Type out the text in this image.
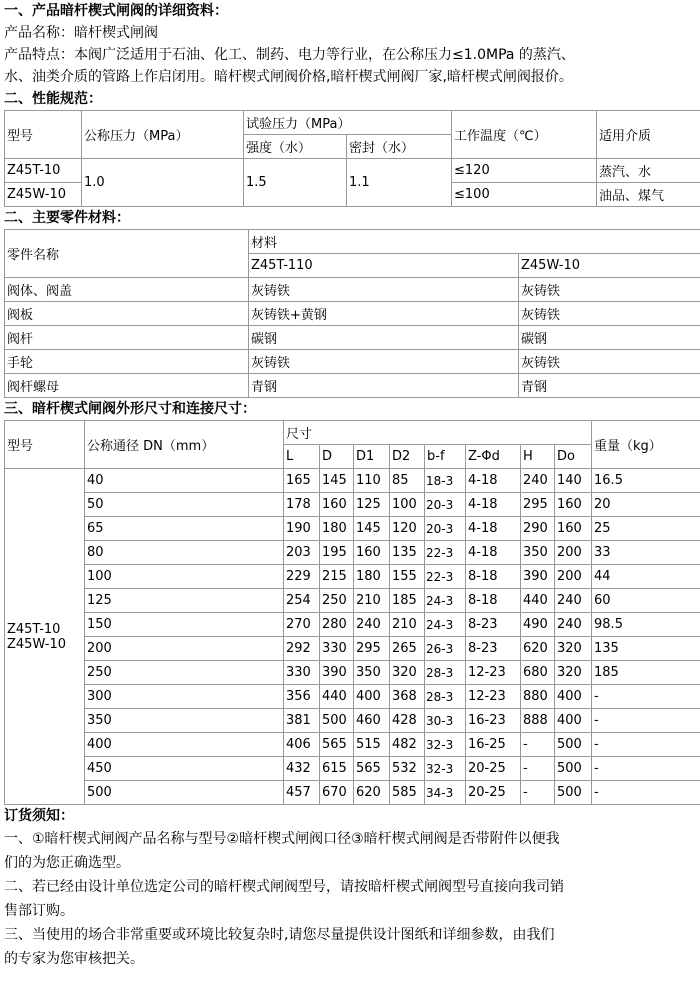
一、产品暗杆楔式闸阀的详细资料：

产品名称：暗杆楔式闸阀

产品特点：本阀广泛适用于石油、化工、制药、电力等行业，在公称压力≤1.0MPa 的蒸汽、

水、油类介质的管路上作启闭用。暗杆楔式闸阀价格,暗杆楔式闸阀厂家,暗杆楔式闸阀报价。

二、性能规范：

型号	公称压力（MPa）	试验压力（MPa）		工作温度（℃）	适用介质
		强度（水）	密封（水）		
Z45T-10	1.0	1.5	1.1	≤120	蒸汽、水
Z45W-10				≤100	油品、煤气

二、主要零件材料：

零件名称	材料	
	Z45T-110	Z45W-10
阀体、阀盖	灰铸铁	灰铸铁
阀板	灰铸铁+黄钢	灰铸铁
阀杆	碳钢	碳钢
手轮	灰铸铁	灰铸铁
阀杆螺母	青钢	青钢

三、暗杆楔式闸阀外形尺寸和连接尺寸：

型号	公称通径 DN（mm）	尺寸								重量（kg）
		L	D	D1	D2	b-f	Z-Φd	H	Do	

Z45T-10
Z45W-10	40	165	145	110	85	18-3	4-18	240	140	16.5
	50	178	160	125	100	20-3	4-18	295	160	20
	65	190	180	145	120	20-3	4-18	290	160	25
	80	203	195	160	135	22-3	4-18	350	200	33
	100	229	215	180	155	22-3	8-18	390	200	44
	125	254	250	210	185	24-3	8-18	440	240	60
	150	270	280	240	210	24-3	8-23	490	240	98.5
	200	292	330	295	265	26-3	8-23	620	320	135
	250	330	390	350	320	28-3	12-23	680	320	185
	300	356	440	400	368	28-3	12-23	880	400	-
	350	381	500	460	428	30-3	16-23	888	400	-
	400	406	565	515	482	32-3	16-25	-	500	-
	450	432	615	565	532	32-3	20-25	-	500	-
	500	457	670	620	585	34-3	20-25	-	500	-

订货须知：

一、①暗杆楔式闸阀产品名称与型号②暗杆楔式闸阀口径③暗杆楔式闸阀是否带附件以便我

们的为您正确选型。

二、若已经由设计单位选定公司的暗杆楔式闸阀型号，请按暗杆楔式闸阀型号直接向我司销

售部订购。

三、当使用的场合非常重要或环境比较复杂时,请您尽量提供设计图纸和详细参数，由我们

的专家为您审核把关。
